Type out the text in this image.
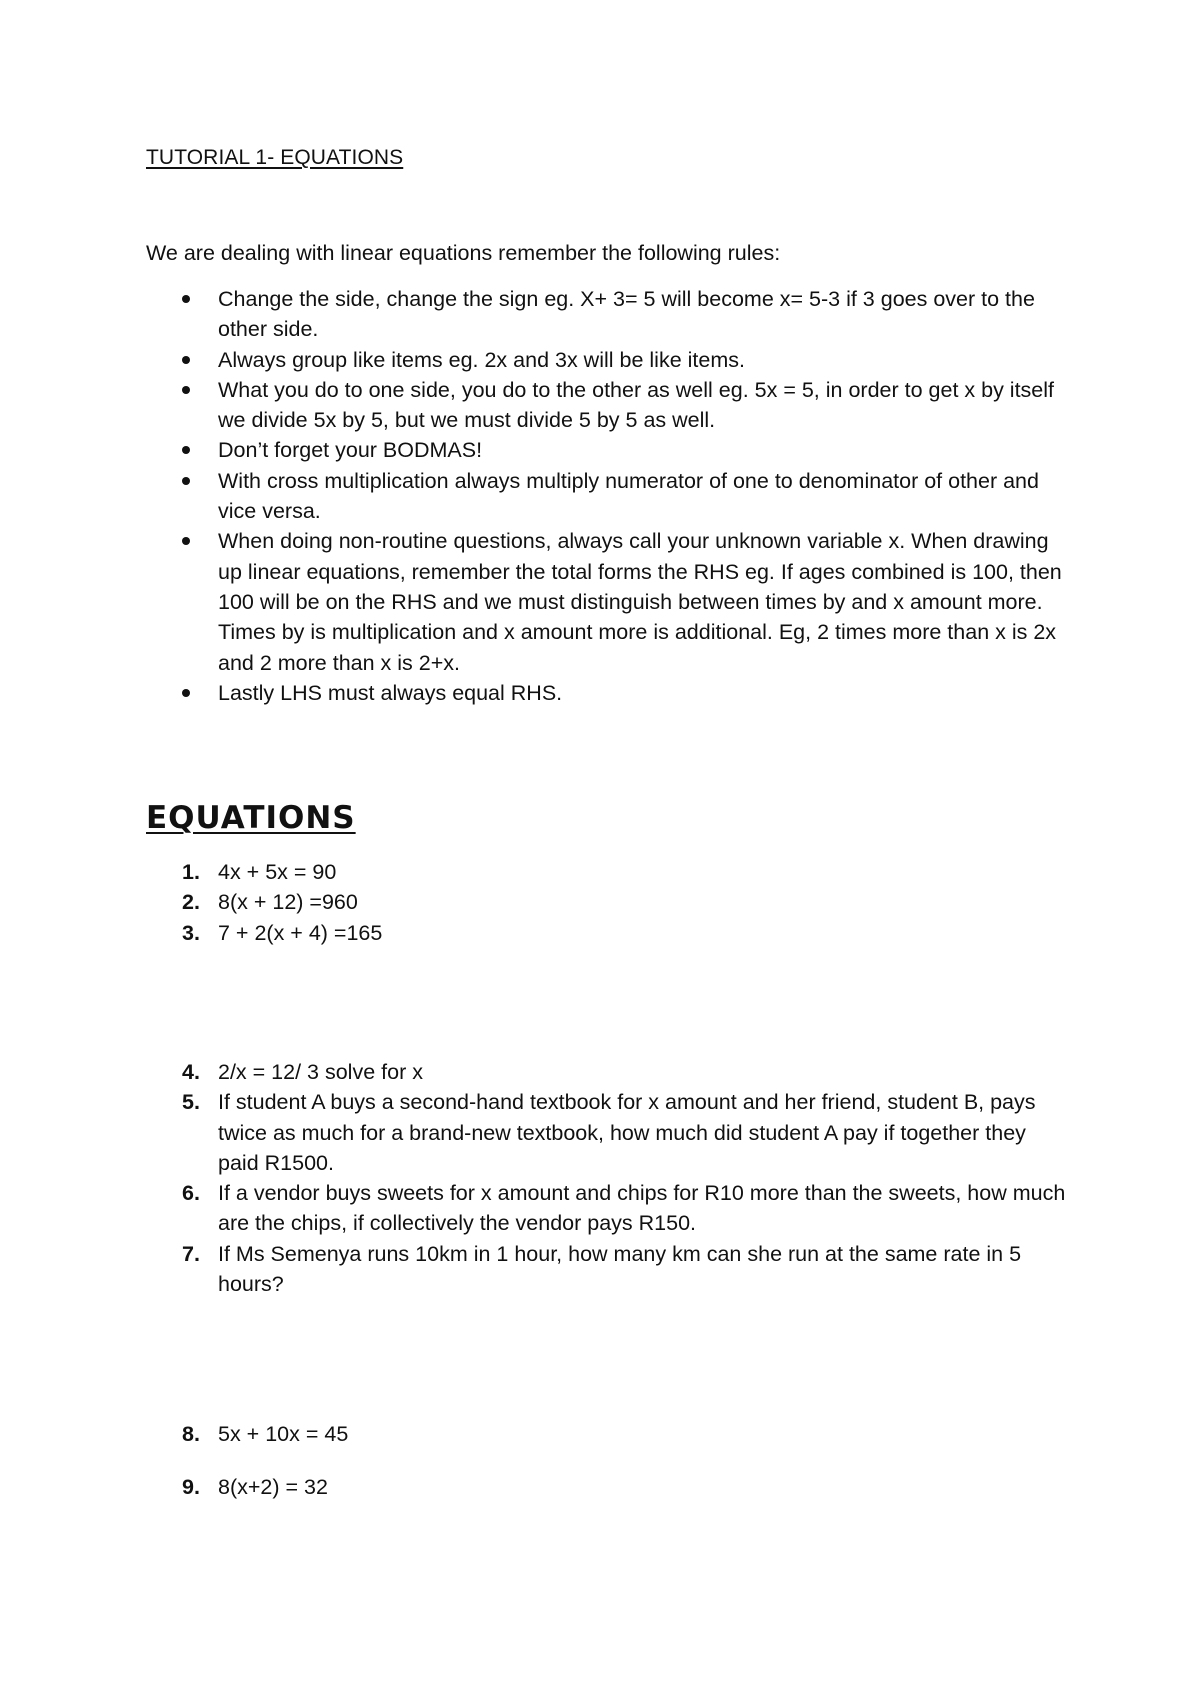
TUTORIAL 1- EQUATIONS
We are dealing with linear equations remember the following rules:
Change the side, change the sign eg. X+ 3= 5 will become x= 5-3 if 3 goes over to the other side.
Always group like items eg. 2x and 3x will be like items.
What you do to one side, you do to the other as well eg. 5x = 5, in order to get x by itself we divide 5x by 5, but we must divide 5 by 5 as well.
Don’t forget your BODMAS!
With cross multiplication always multiply numerator of one to denominator of other and vice versa.
When doing non-routine questions, always call your unknown variable x. When drawing up linear equations, remember the total forms the RHS eg. If ages combined is 100, then 100 will be on the RHS and we must distinguish between times by and x amount more. Times by is multiplication and x amount more is additional. Eg, 2 times more than x is 2x and 2 more than x is 2+x.
Lastly LHS must always equal RHS.
EQUATIONS
1 . 4x + 5x = 90
2 . 8(x + 12) =960
3 . 7 + 2(x + 4) =165
4 . 2/x = 12/ 3 solve for x
5 . If student A buys a second-hand textbook for x amount and her friend, student B, pays twice as much for a brand-new textbook, how much did student A pay if together they paid R1500.
6 . If a vendor buys sweets for x amount and chips for R10 more than the sweets, how much are the chips, if collectively the vendor pays R150.
7 . If Ms Semenya runs 10km in 1 hour, how many km can she run at the same rate in 5 hours?
8 . 5x + 10x = 45
9 . 8(x+2) = 32
